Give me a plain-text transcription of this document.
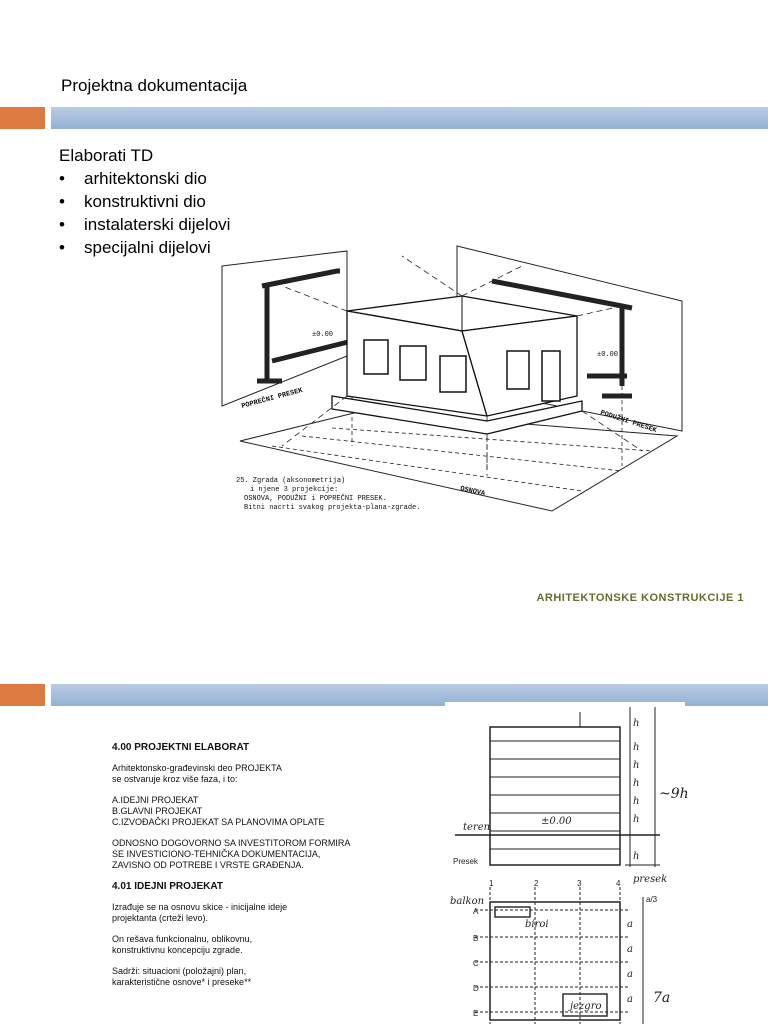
Projektna dokumentacija
Elaborati TD
• arhitektonski dio
• konstruktivni dio
• instalaterski dijelovi
• specijalni dijelovi
POPREČNI PRESEK
PODUŽNI PRESEK
OSNOVA
±0.00
±0.00
25. Zgrada (aksonometrija)
i njene 3 projekcije:
OSNOVA, PODUŽNI i POPREČNI PRESEK.
Bitni nacrti svakog projekta-plana-zgrade.
ARHITEKTONSKE KONSTRUKCIJE 1
4.00 PROJEKTNI ELABORAT

Arhitektonsko-građevinski deo PROJEKTA
se ostvaruje kroz više faza, i to:

A.IDEJNI PROJEKAT
B.GLAVNI PROJEKAT
C.IZVOĐAČKI PROJEKAT SA PLANOVIMA OPLATE

ODNOSNO DOGOVORNO SA INVESTITOROM FORMIRA
SE INVESTICIONO-TEHNIČKA DOKUMENTACIJA,
ZAVISNO OD POTREBE I VRSTE GRAĐENJA.

4.01 IDEJNI PROJEKAT

Izrađuje se na osnovu skice - inicijalne ideje
projektanta (crteži levo).

On rešava funkcionalnu, oblikovnu,
konstruktivnu koncepciju zgrade.

Sadrži: situacioni (položajni) plan,
karakteristične osnove* i preseke**

h
h
h
h
h
h
h
~9h
±0.00
teren
Presek
presek
1	2	3	4
balkon
biroi
jezgro
A
B
C
D
E
a/3
a
a
a
a 7a
